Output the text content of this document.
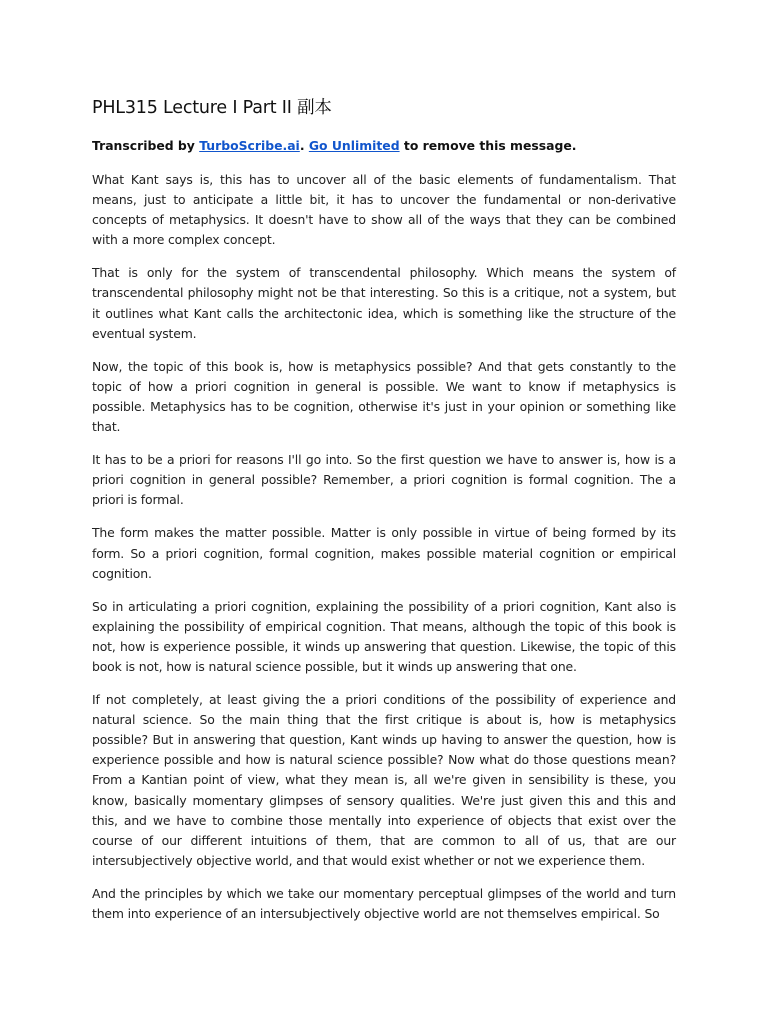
PHL315 Lecture I Part II 副本
Transcribed by TurboScribe.ai. Go Unlimited to remove this message.

What Kant says is, this has to uncover all of the basic elements of fundamentalism. That means, just to anticipate a little bit, it has to uncover the fundamental or non-derivative concepts of metaphysics. It doesn't have to show all of the ways that they can be combined with a more complex concept.

That is only for the system of transcendental philosophy. Which means the system of transcendental philosophy might not be that interesting. So this is a critique, not a system, but it outlines what Kant calls the architectonic idea, which is something like the structure of the eventual system.

Now, the topic of this book is, how is metaphysics possible? And that gets constantly to the topic of how a priori cognition in general is possible. We want to know if metaphysics is possible. Metaphysics has to be cognition, otherwise it's just in your opinion or something like that.

It has to be a priori for reasons I'll go into. So the first question we have to answer is, how is a priori cognition in general possible? Remember, a priori cognition is formal cognition. The a priori is formal.

The form makes the matter possible. Matter is only possible in virtue of being formed by its form. So a priori cognition, formal cognition, makes possible material cognition or empirical cognition.

So in articulating a priori cognition, explaining the possibility of a priori cognition, Kant also is explaining the possibility of empirical cognition. That means, although the topic of this book is not, how is experience possible, it winds up answering that question. Likewise, the topic of this book is not, how is natural science possible, but it winds up answering that one.

If not completely, at least giving the a priori conditions of the possibility of experience and natural science. So the main thing that the first critique is about is, how is metaphysics possible? But in answering that question, Kant winds up having to answer the question, how is experience possible and how is natural science possible? Now what do those questions mean? From a Kantian point of view, what they mean is, all we're given in sensibility is these, you know, basically momentary glimpses of sensory qualities. We're just given this and this and this, and we have to combine those mentally into experience of objects that exist over the course of our different intuitions of them, that are common to all of us, that are our intersubjectively objective world, and that would exist whether or not we experience them.

And the principles by which we take our momentary perceptual glimpses of the world and turn them into experience of an intersubjectively objective world are not themselves empirical. So
